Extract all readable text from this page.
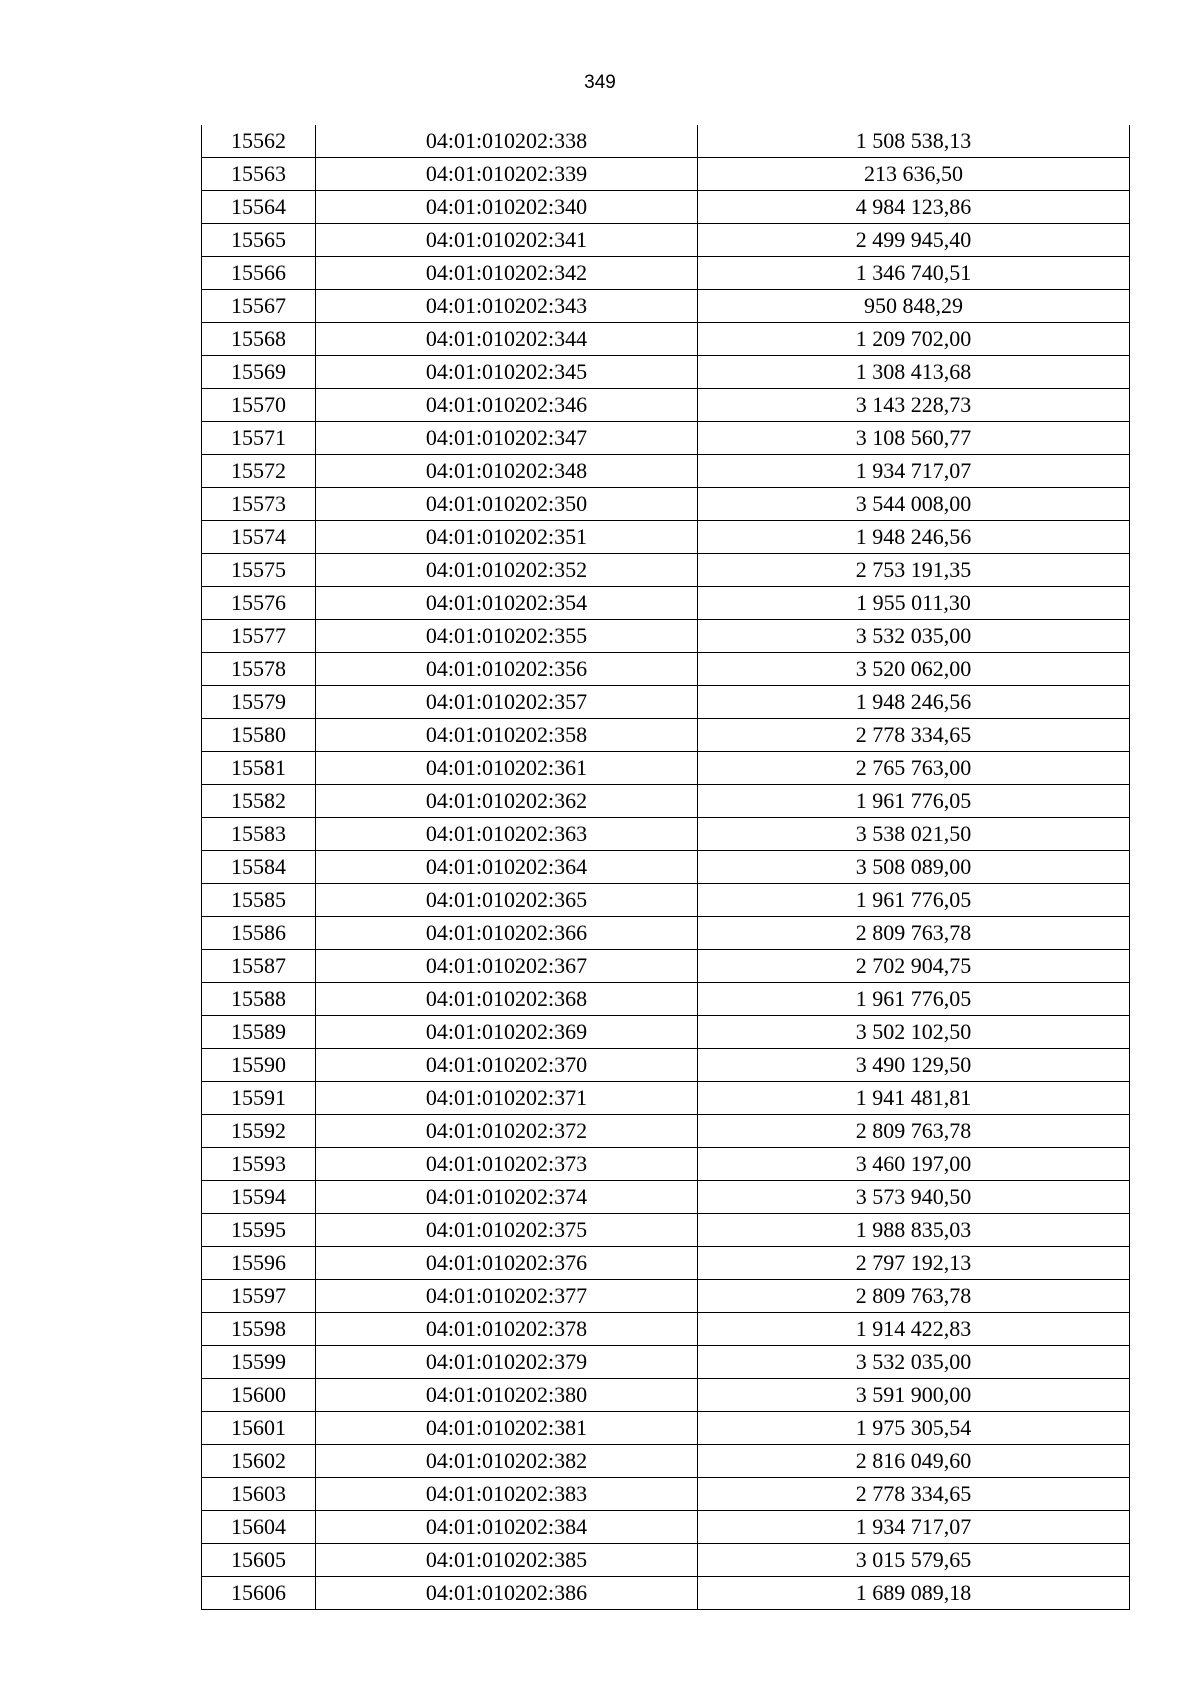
349
15562	04:01:010202:338	1 508 538,13
15563	04:01:010202:339	213 636,50
15564	04:01:010202:340	4 984 123,86
15565	04:01:010202:341	2 499 945,40
15566	04:01:010202:342	1 346 740,51
15567	04:01:010202:343	950 848,29
15568	04:01:010202:344	1 209 702,00
15569	04:01:010202:345	1 308 413,68
15570	04:01:010202:346	3 143 228,73
15571	04:01:010202:347	3 108 560,77
15572	04:01:010202:348	1 934 717,07
15573	04:01:010202:350	3 544 008,00
15574	04:01:010202:351	1 948 246,56
15575	04:01:010202:352	2 753 191,35
15576	04:01:010202:354	1 955 011,30
15577	04:01:010202:355	3 532 035,00
15578	04:01:010202:356	3 520 062,00
15579	04:01:010202:357	1 948 246,56
15580	04:01:010202:358	2 778 334,65
15581	04:01:010202:361	2 765 763,00
15582	04:01:010202:362	1 961 776,05
15583	04:01:010202:363	3 538 021,50
15584	04:01:010202:364	3 508 089,00
15585	04:01:010202:365	1 961 776,05
15586	04:01:010202:366	2 809 763,78
15587	04:01:010202:367	2 702 904,75
15588	04:01:010202:368	1 961 776,05
15589	04:01:010202:369	3 502 102,50
15590	04:01:010202:370	3 490 129,50
15591	04:01:010202:371	1 941 481,81
15592	04:01:010202:372	2 809 763,78
15593	04:01:010202:373	3 460 197,00
15594	04:01:010202:374	3 573 940,50
15595	04:01:010202:375	1 988 835,03
15596	04:01:010202:376	2 797 192,13
15597	04:01:010202:377	2 809 763,78
15598	04:01:010202:378	1 914 422,83
15599	04:01:010202:379	3 532 035,00
15600	04:01:010202:380	3 591 900,00
15601	04:01:010202:381	1 975 305,54
15602	04:01:010202:382	2 816 049,60
15603	04:01:010202:383	2 778 334,65
15604	04:01:010202:384	1 934 717,07
15605	04:01:010202:385	3 015 579,65
15606	04:01:010202:386	1 689 089,18
